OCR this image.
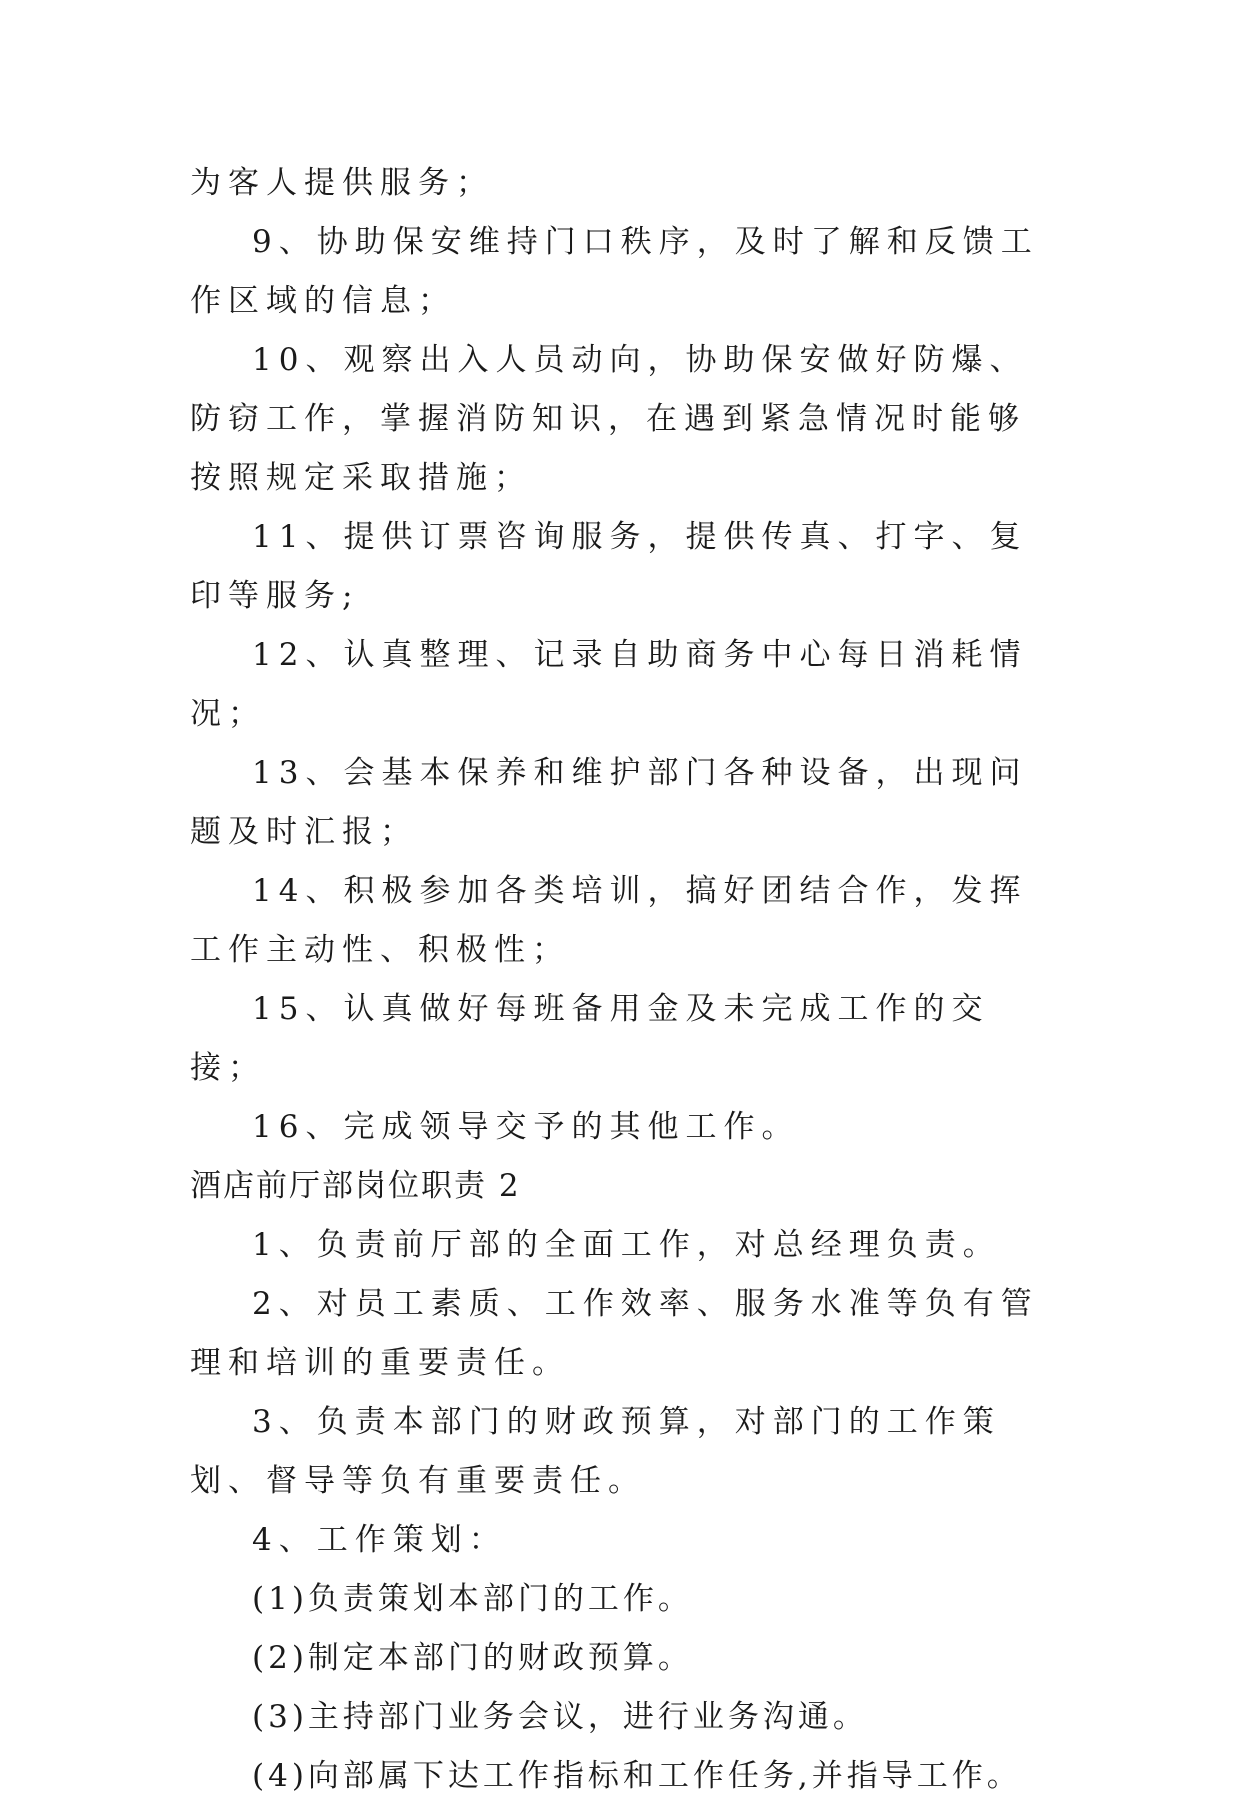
为客人提供服务；

9、协助保安维持门口秩序，及时了解和反馈工作区域的信息；

10、观察出入人员动向，协助保安做好防爆、防窃工作，掌握消防知识，在遇到紧急情况时能够按照规定采取措施；

11、提供订票咨询服务，提供传真、打字、复印等服务;

12、认真整理、记录自助商务中心每日消耗情况；

13、会基本保养和维护部门各种设备，出现问题及时汇报；

14、积极参加各类培训，搞好团结合作，发挥工作主动性、积极性；

15、认真做好每班备用金及未完成工作的交接；

16、完成领导交予的其他工作。

酒店前厅部岗位职责 2

1、负责前厅部的全面工作，对总经理负责。

2、对员工素质、工作效率、服务水准等负有管理和培训的重要责任。

3、负责本部门的财政预算，对部门的工作策划、督导等负有重要责任。

4、工作策划：

(1)负责策划本部门的工作。

(2)制定本部门的财政预算。

(3)主持部门业务会议，进行业务沟通。

(4)向部属下达工作指标和工作任务,并指导工作。
